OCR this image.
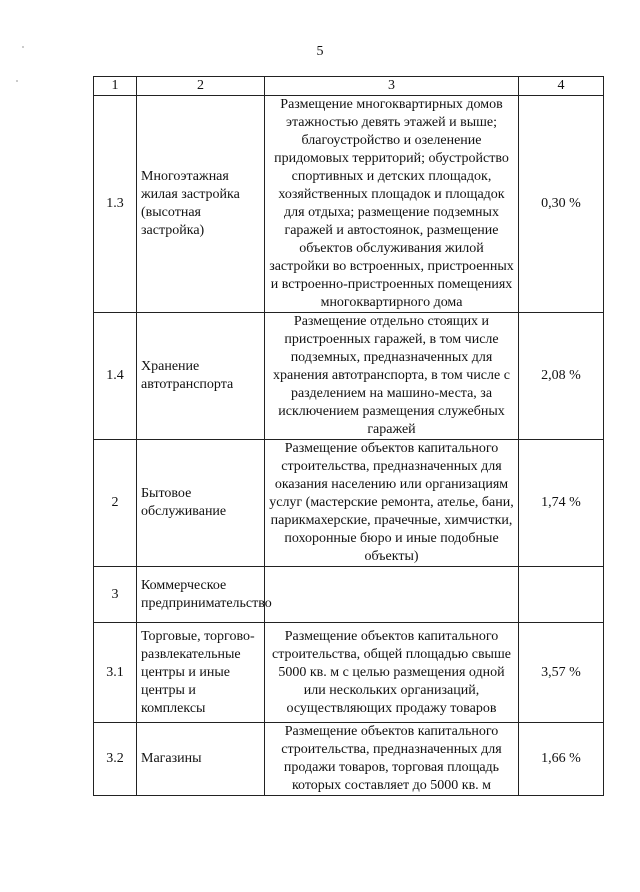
5
1	2	3	4
1.3	Многоэтажная жилая застройка (высотная застройка)	Размещение многоквартирных домов этажностью девять этажей и выше; благоустройство и озеленение придомовых территорий; обустройство спортивных и детских площадок, хозяйственных площадок и площадок для отдыха; размещение подземных гаражей и автостоянок, размещение объектов обслуживания жилой застройки во встроенных, пристроенных и встроенно-пристроенных помещениях многоквартирного дома	0,30 %
1.4	Хранение автотранспорта	Размещение отдельно стоящих и пристроенных гаражей, в том числе подземных, предназначенных для хранения автотранспорта, в том числе с разделением на машино-места, за исключением размещения служебных гаражей	2,08 %
2	Бытовое обслуживание	Размещение объектов капитального строительства, предназначенных для оказания населению или организациям услуг (мастерские ремонта, ателье, бани, парикмахерские, прачечные, химчистки, похоронные бюро и иные подобные объекты)	1,74 %
3	Коммерческое предпринимательство		
3.1	Торговые, торгово-развлекательные центры и иные центры и комплексы	Размещение объектов капитального строительства, общей площадью свыше 5000 кв. м с целью размещения одной или нескольких организаций, осуществляющих продажу товаров	3,57 %
3.2	Магазины	Размещение объектов капитального строительства, предназначенных для продажи товаров, торговая площадь которых составляет до 5000 кв. м	1,66 %
